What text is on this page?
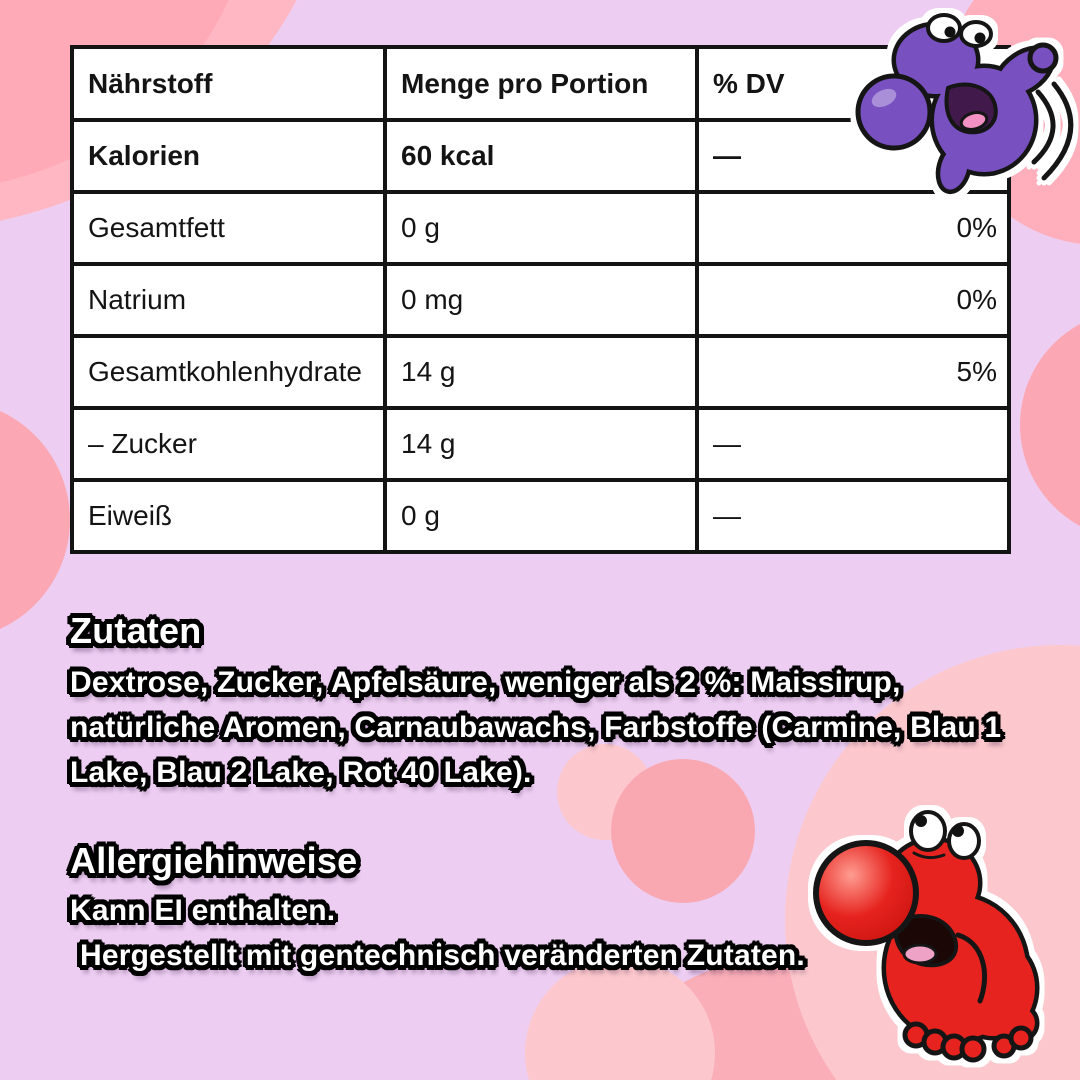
Nährstoff	Menge pro Portion	% DV
Kalorien	60 kcal	—
Gesamtfett	0 g	0%
Natrium	0 mg	0%
Gesamtkohlenhydrate	14 g	5%
– Zucker	14 g	—
Eiweiß	0 g	—
Zutaten
Dextrose, Zucker, Apfelsäure, weniger als 2 %: Maissirup, natürliche Aromen, Carnaubawachs, Farbstoffe (Carmine, Blau 1 Lake, Blau 2 Lake, Rot 40 Lake).
Allergiehinweise
Kann EI enthalten.
Hergestellt mit gentechnisch veränderten Zutaten.
